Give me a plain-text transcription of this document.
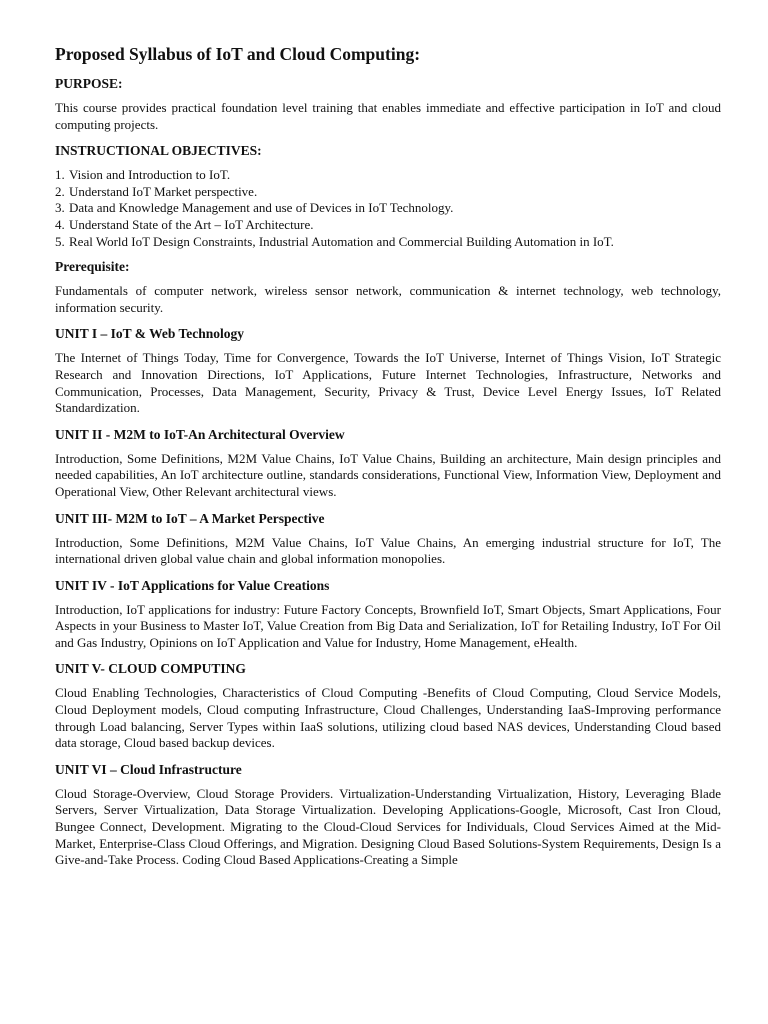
Proposed Syllabus of IoT and Cloud Computing:
PURPOSE:

This course provides practical foundation level training that enables immediate and effective participation in IoT and cloud computing projects.

INSTRUCTIONAL OBJECTIVES:
1. Vision and Introduction to IoT.
2. Understand IoT Market perspective.
3. Data and Knowledge Management and use of Devices in IoT Technology.
4. Understand State of the Art – IoT Architecture.
5. Real World IoT Design Constraints, Industrial Automation and Commercial Building Automation in IoT.
Prerequisite:

Fundamentals of computer network, wireless sensor network, communication & internet technology, web technology, information security.

UNIT I – IoT & Web Technology

The Internet of Things Today, Time for Convergence, Towards the IoT Universe, Internet of Things Vision, IoT Strategic Research and Innovation Directions, IoT Applications, Future Internet Technologies, Infrastructure, Networks and Communication, Processes, Data Management, Security, Privacy & Trust, Device Level Energy Issues, IoT Related Standardization.

UNIT II - M2M to IoT-An Architectural Overview

Introduction, Some Definitions, M2M Value Chains, IoT Value Chains, Building an architecture, Main design principles and needed capabilities, An IoT architecture outline, standards considerations, Functional View, Information View, Deployment and Operational View, Other Relevant architectural views.

UNIT III- M2M to IoT – A Market Perspective

Introduction, Some Definitions, M2M Value Chains, IoT Value Chains, An emerging industrial structure for IoT, The international driven global value chain and global information monopolies.

UNIT IV - IoT Applications for Value Creations

Introduction, IoT applications for industry: Future Factory Concepts, Brownfield IoT, Smart Objects, Smart Applications, Four Aspects in your Business to Master IoT, Value Creation from Big Data and Serialization, IoT for Retailing Industry, IoT For Oil and Gas Industry, Opinions on IoT Application and Value for Industry, Home Management, eHealth.

UNIT V- CLOUD COMPUTING

Cloud Enabling Technologies, Characteristics of Cloud Computing -Benefits of Cloud Computing, Cloud Service Models, Cloud Deployment models, Cloud computing Infrastructure, Cloud Challenges, Understanding IaaS-Improving performance through Load balancing, Server Types within IaaS solutions, utilizing cloud based NAS devices, Understanding Cloud based data storage, Cloud based backup devices.

UNIT VI – Cloud Infrastructure

Cloud Storage-Overview, Cloud Storage Providers. Virtualization-Understanding Virtualization, History, Leveraging Blade Servers, Server Virtualization, Data Storage Virtualization. Developing Applications-Google, Microsoft, Cast Iron Cloud, Bungee Connect, Development. Migrating to the Cloud-Cloud Services for Individuals, Cloud Services Aimed at the Mid-Market, Enterprise-Class Cloud Offerings, and Migration. Designing Cloud Based Solutions-System Requirements, Design Is a Give-and-Take Process. Coding Cloud Based Applications-Creating a Simple
